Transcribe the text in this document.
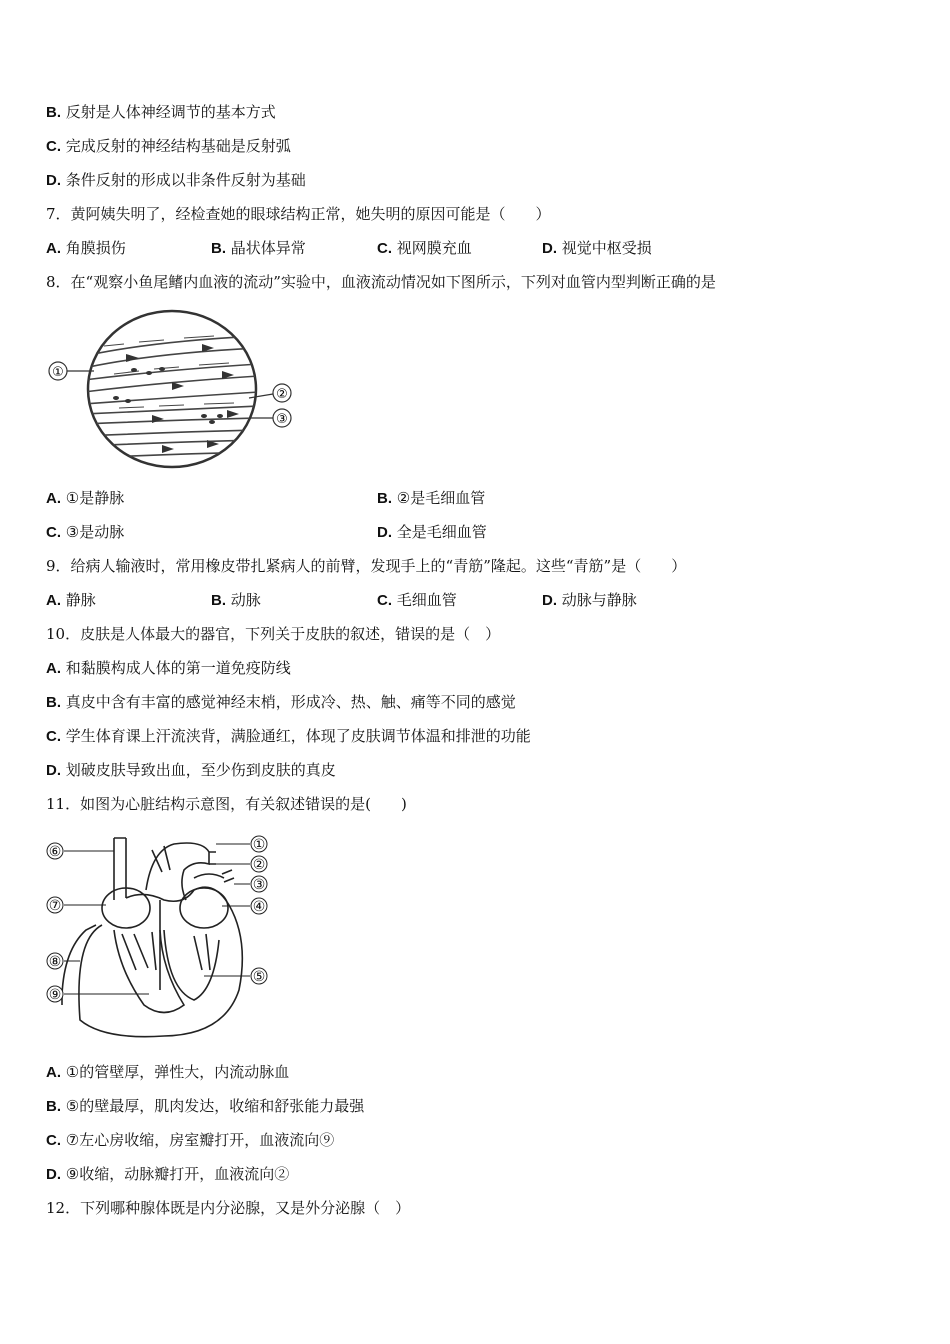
B. 反射是人体神经调节的基本方式
C. 完成反射的神经结构基础是反射弧
D. 条件反射的形成以非条件反射为基础
7．黄阿姨失明了，经检查她的眼球结构正常，她失明的原因可能是（　　）
A. 角膜损伤	B. 晶状体异常	C. 视网膜充血	D. 视觉中枢受损
8．在“观察小鱼尾鳍内血液的流动”实验中，血液流动情况如下图所示，下列对血管内型判断正确的是
①
②
③
A. ①是静脉	B. ②是毛细血管
C. ③是动脉	D. 全是毛细血管
9．给病人输液时，常用橡皮带扎紧病人的前臂，发现手上的“青筋”隆起。这些“青筋”是（　　）
A. 静脉	B. 动脉	C. 毛细血管	D. 动脉与静脉
10．皮肤是人体最大的器官，下列关于皮肤的叙述，错误的是（　）
A. 和黏膜构成人体的第一道免疫防线
B. 真皮中含有丰富的感觉神经末梢，形成冷、热、触、痛等不同的感觉
C. 学生体育课上汗流浃背，满脸通红，体现了皮肤调节体温和排泄的功能
D. 划破皮肤导致出血，至少伤到皮肤的真皮
11．如图为心脏结构示意图，有关叙述错误的是(　　)
⑥
⑦
⑧
⑨
①
②
③
④
⑤
A. ①的管壁厚，弹性大，内流动脉血
B. ⑤的壁最厚，肌肉发达，收缩和舒张能力最强
C. ⑦左心房收缩，房室瓣打开，血液流向⑨
D. ⑨收缩，动脉瓣打开，血液流向②
12．下列哪种腺体既是内分泌腺，又是外分泌腺（　）
